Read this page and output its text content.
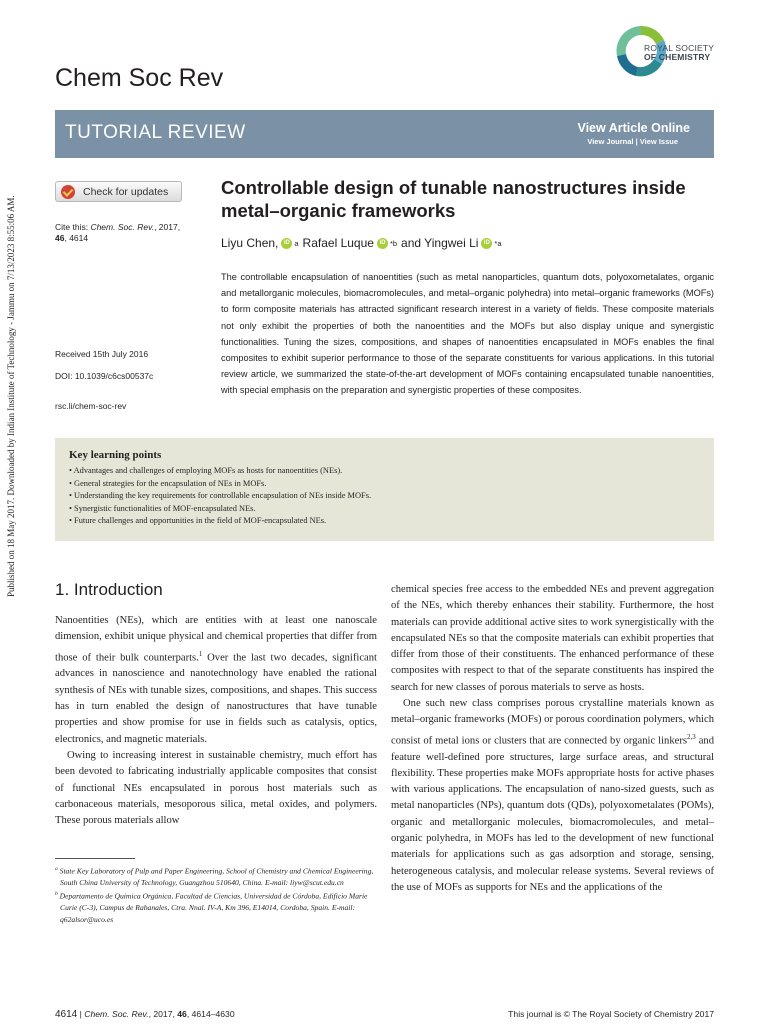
Published on 18 May 2017. Downloaded by Indian Institute of Technology - Jammu on 7/13/2023 8:55:06 AM.
Chem Soc Rev
ROYAL SOCIETY
OF CHEMISTRY
TUTORIAL REVIEW	View Article Online
View Journal | View Issue
Check for updates
Cite this: Chem. Soc. Rev., 2017,
46, 4614
Received 15th July 2016
DOI: 10.1039/c6cs00537c
rsc.li/chem-soc-rev
Controllable design of tunable nanostructures inside metal–organic frameworks
Liyu Chen, iD a Rafael Luque iD *b and Yingwei Li iD *a
The controllable encapsulation of nanoentities (such as metal nanoparticles, quantum dots, polyoxometalates, organic and metallorganic molecules, biomacromolecules, and metal–organic polyhedra) into metal–organic frameworks (MOFs) to form composite materials has attracted significant research interest in a variety of fields. These composite materials not only exhibit the properties of both the nanoentities and the MOFs but also display unique and synergistic functionalities. Tuning the sizes, compositions, and shapes of nanoentities encapsulated in MOFs enables the final composites to exhibit superior performance to those of the separate constituents for various applications. In this tutorial review article, we summarized the state-of-the-art development of MOFs containing encapsulated tunable nanoentities, with special emphasis on the preparation and synergistic properties of these composites.
Key learning points
• Advantages and challenges of employing MOFs as hosts for nanoentities (NEs).
• General strategies for the encapsulation of NEs in MOFs.
• Understanding the key requirements for controllable encapsulation of NEs inside MOFs.
• Synergistic functionalities of MOF-encapsulated NEs.
• Future challenges and opportunities in the field of MOF-encapsulated NEs.
1. Introduction

Nanoentities (NEs), which are entities with at least one nanoscale dimension, exhibit unique physical and chemical properties that differ from those of their bulk counterparts.$^1$ Over the last two decades, significant advances in nanoscience and nanotechnology have enabled the rational synthesis of NEs with tunable sizes, compositions, and shapes. This success has in turn enabled the design of nanostructures that have tunable properties and show promise for use in fields such as catalysis, optics, electronics, and magnetic materials.

Owing to increasing interest in sustainable chemistry, much effort has been devoted to fabricating industrially applicable composites that consist of functional NEs encapsulated in porous host materials such as carbonaceous materials, mesoporous silica, metal oxides, and polymers. These porous materials allow

chemical species free access to the embedded NEs and prevent aggregation of the NEs, which thereby enhances their stability. Furthermore, the host materials can provide additional active sites to work synergistically with the encapsulated NEs so that the composite materials can exhibit properties that differ from those of their constituents. The enhanced performance of these composites with respect to that of the separate constituents has inspired the search for new classes of porous materials to serve as hosts.

One such new class comprises porous crystalline materials known as metal–organic frameworks (MOFs) or porous coordination polymers, which consist of metal ions or clusters that are connected by organic linkers$^{2,3}$ and feature well-defined pore structures, large surface areas, and structural flexibility. These properties make MOFs appropriate hosts for active phases with various applications. The encapsulation of nano-sized guests, such as metal nanoparticles (NPs), quantum dots (QDs), polyoxometalates (POMs), organic and metallorganic molecules, biomacromolecules, and metal–organic polyhedra, in MOFs has led to the development of new functional materials for applications such as gas adsorption and storage, sensing, heterogeneous catalysis, and molecular release systems. Several reviews of the use of MOFs as supports for NEs and the applications of the

$^a$ State Key Laboratory of Pulp and Paper Engineering, School of Chemistry and Chemical Engineering, South China University of Technology, Guangzhou 510640, China. E-mail: liyw@scut.edu.cn

$^b$ Departamento de Química Orgánica, Facultad de Ciencias, Universidad de Córdoba, Edificio Marie Curie (C-3), Campus de Rabanales, Ctra. Nnal. IV-A, Km 396, E14014, Cordoba, Spain. E-mail: q62alsor@uco.es

4614 | Chem. Soc. Rev., 2017, 46, 4614–4630	This journal is © The Royal Society of Chemistry 2017
